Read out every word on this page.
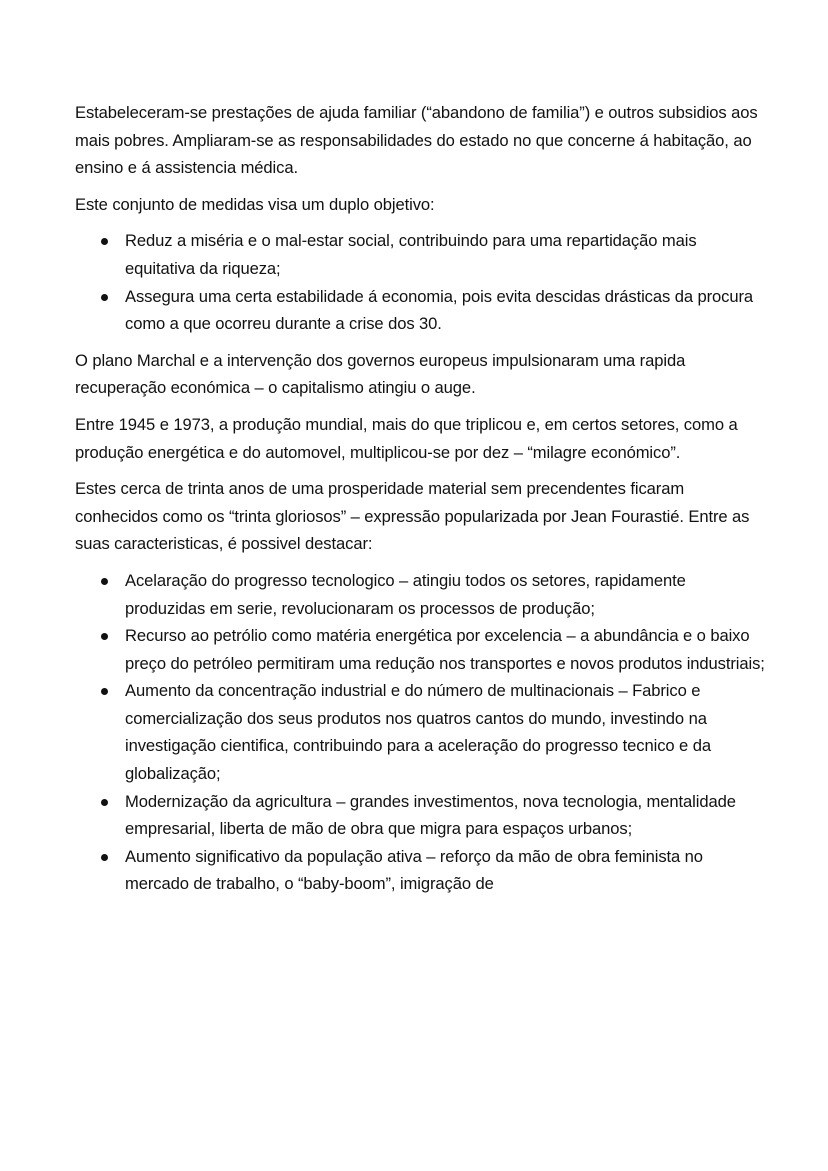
Estabeleceram-se prestações de ajuda familiar (“abandono de familia”) e outros subsidios aos mais pobres. Ampliaram-se as responsabilidades do estado no que concerne á habitação, ao ensino e á assistencia médica.

Este conjunto de medidas visa um duplo objetivo:

Reduz a miséria e o mal-estar social, contribuindo para uma repartidação mais equitativa da riqueza;
Assegura uma certa estabilidade á economia, pois evita descidas drásticas da procura como a que ocorreu durante a crise dos 30.

O plano Marchal e a intervenção dos governos europeus impulsionaram uma rapida recuperação económica – o capitalismo atingiu o auge.

Entre 1945 e 1973, a produção mundial, mais do que triplicou e, em certos setores, como a produção energética e do automovel, multiplicou-se por dez – “milagre económico”.

Estes cerca de trinta anos de uma prosperidade material sem precendentes ficaram conhecidos como os “trinta gloriosos” – expressão popularizada por Jean Fourastié. Entre as suas caracteristicas, é possivel destacar:

Acelaração do progresso tecnologico – atingiu todos os setores, rapidamente produzidas em serie, revolucionaram os processos de produção;
Recurso ao petrólio como matéria energética por excelencia – a abundância e o baixo preço do petróleo permitiram uma redução nos transportes e novos produtos industriais;
Aumento da concentração industrial e do número de multinacionais – Fabrico e comercialização dos seus produtos nos quatros cantos do mundo, investindo na investigação cientifica, contribuindo para a aceleração do progresso tecnico e da globalização;
Modernização da agricultura – grandes investimentos, nova tecnologia, mentalidade empresarial, liberta de mão de obra que migra para espaços urbanos;
Aumento significativo da população ativa – reforço da mão de obra feminista no mercado de trabalho, o “baby-boom”, imigração de
